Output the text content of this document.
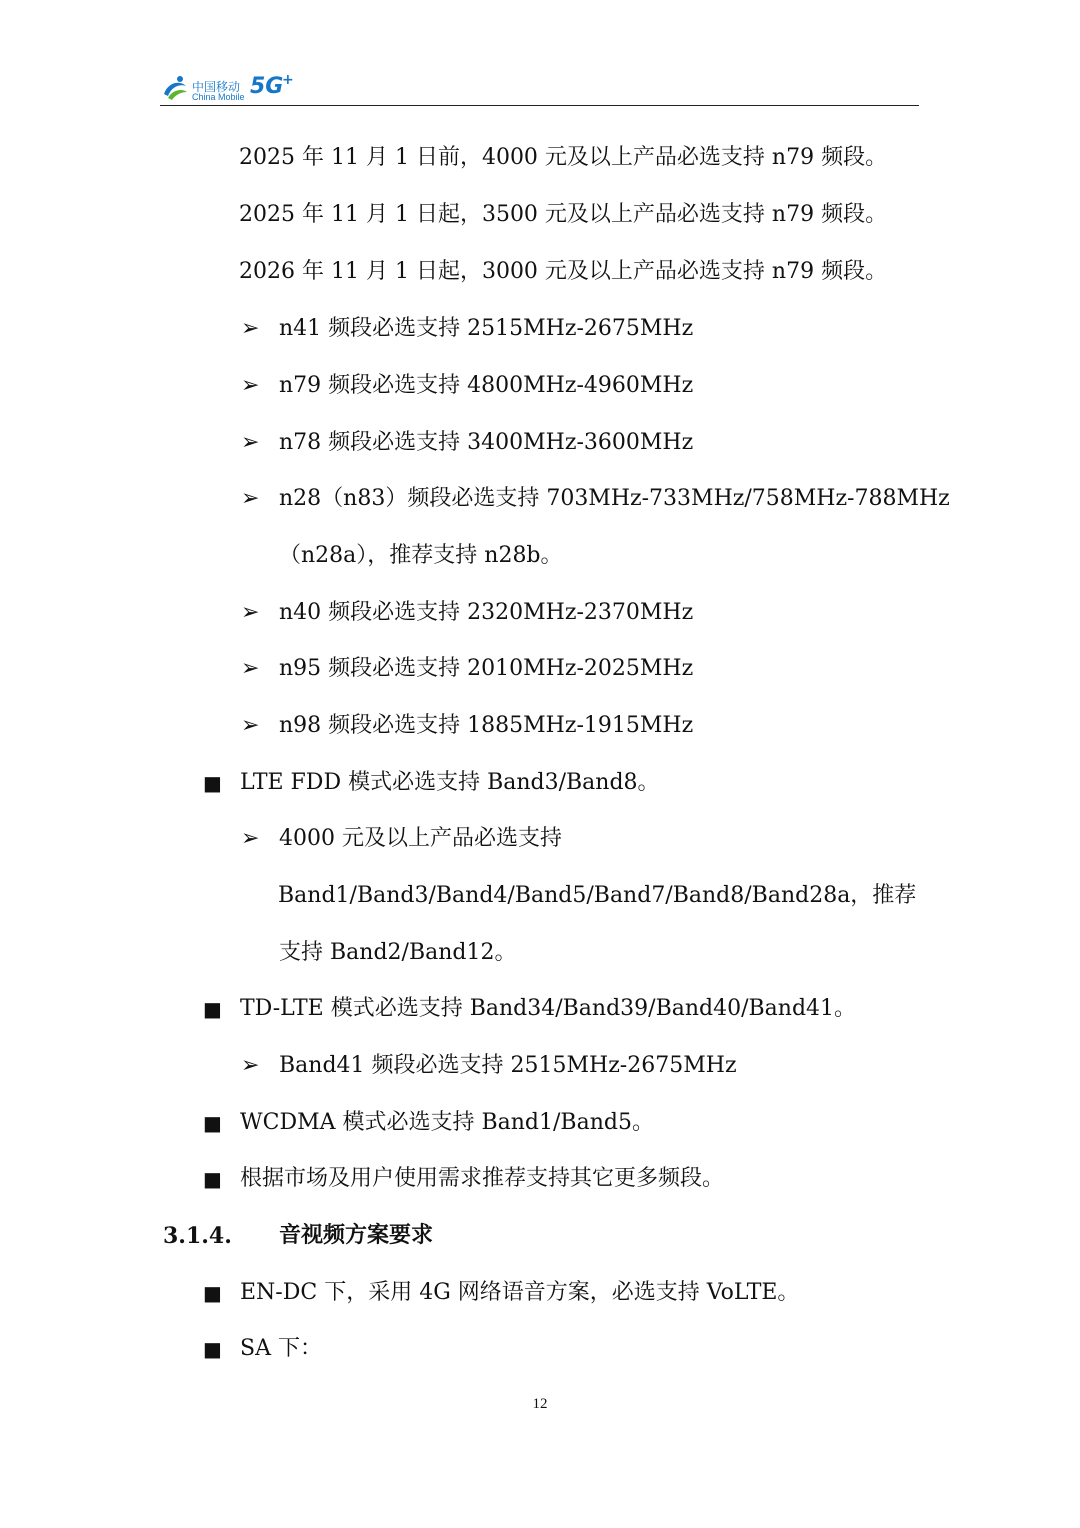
中国移动
China Mobile 5G
+
2025 年 11 月 1 日前，4000 元及以上产品必选支持 n79 频段。
2025 年 11 月 1 日起，3500 元及以上产品必选支持 n79 频段。
2026 年 11 月 1 日起，3000 元及以上产品必选支持 n79 频段。
➢ n41 频段必选支持 2515MHz-2675MHz
➢ n79 频段必选支持 4800MHz-4960MHz
➢ n78 频段必选支持 3400MHz-3600MHz
➢ n28（n83）频段必选支持 703MHz-733MHz/758MHz-788MHz
（n28a），推荐支持 n28b。
➢ n40 频段必选支持 2320MHz-2370MHz
➢ n95 频段必选支持 2010MHz-2025MHz
➢ n98 频段必选支持 1885MHz-1915MHz
■ LTE FDD 模式必选支持 Band3/Band8。
➢ 4000 元及以上产品必选支持
Band1/Band3/Band4/Band5/Band7/Band8/Band28a，推荐
支持 Band2/Band12。
■ TD-LTE 模式必选支持 Band34/Band39/Band40/Band41。
➢ Band41 频段必选支持 2515MHz-2675MHz
■ WCDMA 模式必选支持 Band1/Band5。
■ 根据市场及用户使用需求推荐支持其它更多频段。
3.1.4. 音视频方案要求
■ EN-DC 下，采用 4G 网络语音方案，必选支持 VoLTE。
■ SA 下：
12
